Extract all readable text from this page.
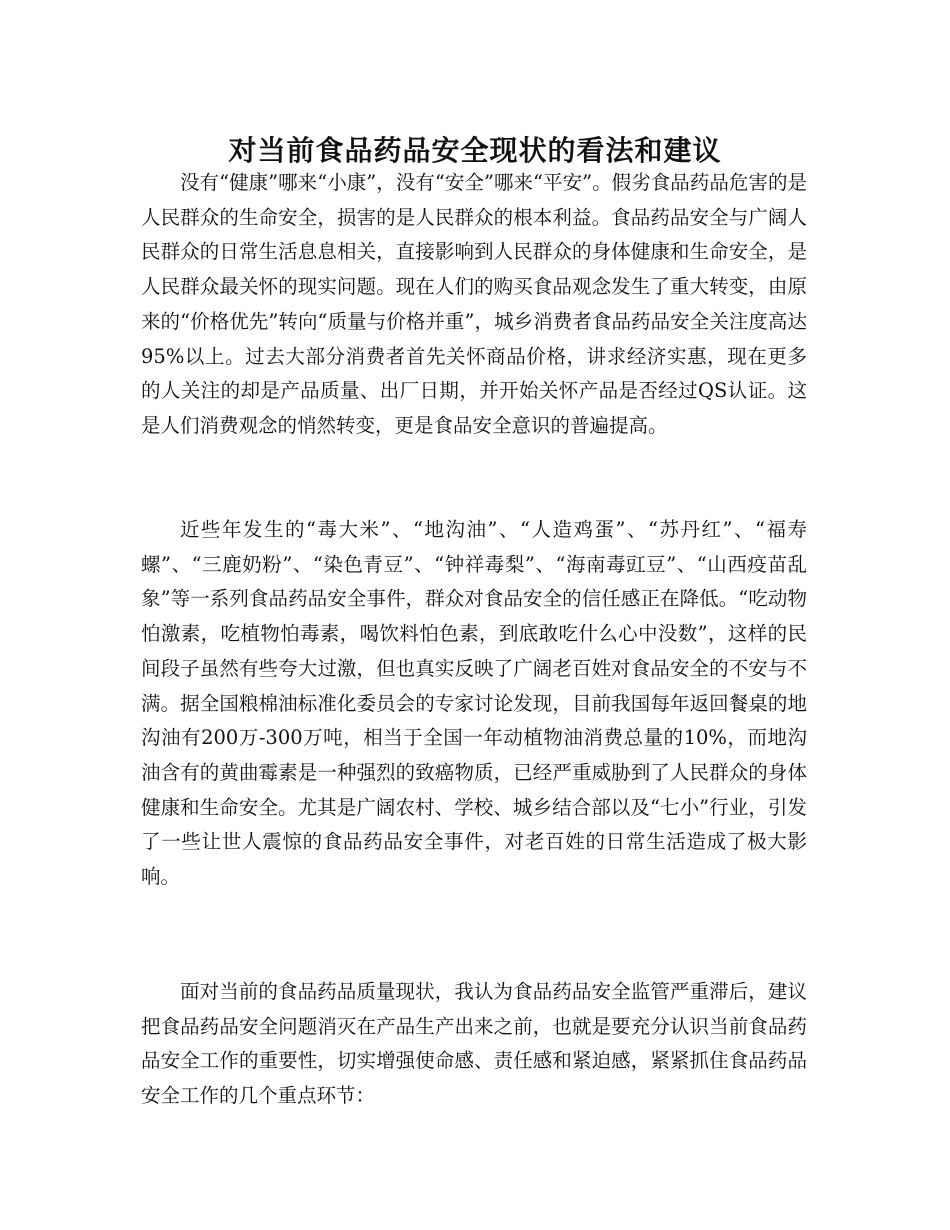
对当前食品药品安全现状的看法和建议

没有“健康”哪来“小康”，没有“安全”哪来“平安”。假劣食品药品危害的是人民群众的生命安全，损害的是人民群众的根本利益。食品药品安全与广阔人民群众的日常生活息息相关，直接影响到人民群众的身体健康和生命安全，是人民群众最关怀的现实问题。现在人们的购买食品观念发生了重大转变，由原来的“价格优先”转向“质量与价格并重”，城乡消费者食品药品安全关注度高达95%以上。过去大部分消费者首先关怀商品价格，讲求经济实惠，现在更多的人关注的却是产品质量、出厂日期，并开始关怀产品是否经过QS认证。这是人们消费观念的悄然转变，更是食品安全意识的普遍提高。

近些年发生的“毒大米”、“地沟油”、“人造鸡蛋”、“苏丹红”、“福寿螺”、“三鹿奶粉”、“染色青豆”、“钟祥毒梨”、“海南毒豇豆”、“山西疫苗乱象”等一系列食品药品安全事件，群众对食品安全的信任感正在降低。“吃动物怕激素，吃植物怕毒素，喝饮料怕色素，到底敢吃什么心中没数”，这样的民间段子虽然有些夸大过激，但也真实反映了广阔老百姓对食品安全的不安与不满。据全国粮棉油标准化委员会的专家讨论发现，目前我国每年返回餐桌的地沟油有200万-300万吨，相当于全国一年动植物油消费总量的10%，而地沟油含有的黄曲霉素是一种强烈的致癌物质，已经严重威胁到了人民群众的身体健康和生命安全。尤其是广阔农村、学校、城乡结合部以及“七小”行业，引发了一些让世人震惊的食品药品安全事件，对老百姓的日常生活造成了极大影响。

面对当前的食品药品质量现状，我认为食品药品安全监管严重滞后，建议把食品药品安全问题消灭在产品生产出来之前，也就是要充分认识当前食品药品安全工作的重要性，切实增强使命感、责任感和紧迫感，紧紧抓住食品药品安全工作的几个重点环节：
